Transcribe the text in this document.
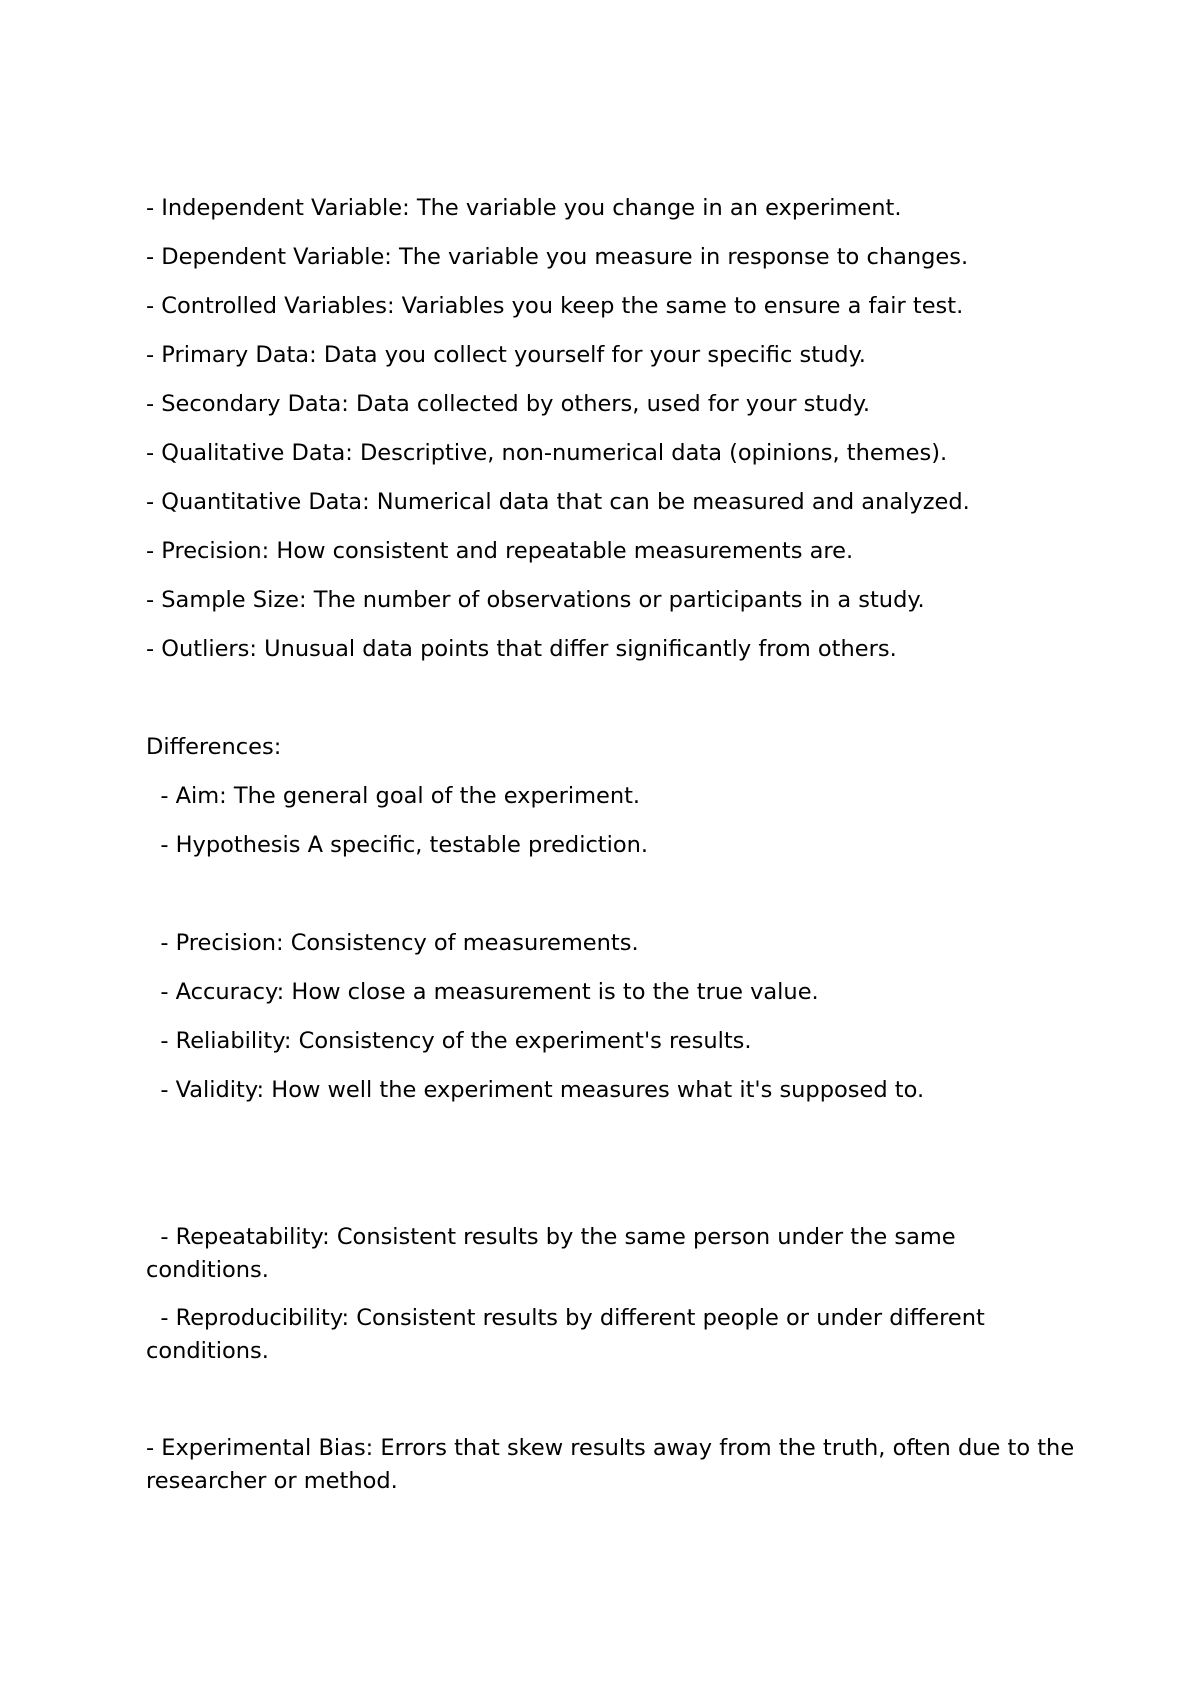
- Independent Variable: The variable you change in an experiment.
- Dependent Variable: The variable you measure in response to changes.
- Controlled Variables: Variables you keep the same to ensure a fair test.
- Primary Data: Data you collect yourself for your specific study.
- Secondary Data: Data collected by others, used for your study.
- Qualitative Data: Descriptive, non-numerical data (opinions, themes).
- Quantitative Data: Numerical data that can be measured and analyzed.
- Precision: How consistent and repeatable measurements are.
- Sample Size: The number of observations or participants in a study.
- Outliers: Unusual data points that differ significantly from others.
Differences:
- Aim: The general goal of the experiment.
- Hypothesis A specific, testable prediction.
- Precision: Consistency of measurements.
- Accuracy: How close a measurement is to the true value.
- Reliability: Consistency of the experiment's results.
- Validity: How well the experiment measures what it's supposed to.
- Repeatability: Consistent results by the same person under the same conditions.
- Reproducibility: Consistent results by different people or under different conditions.
- Experimental Bias: Errors that skew results away from the truth, often due to the researcher or method.
